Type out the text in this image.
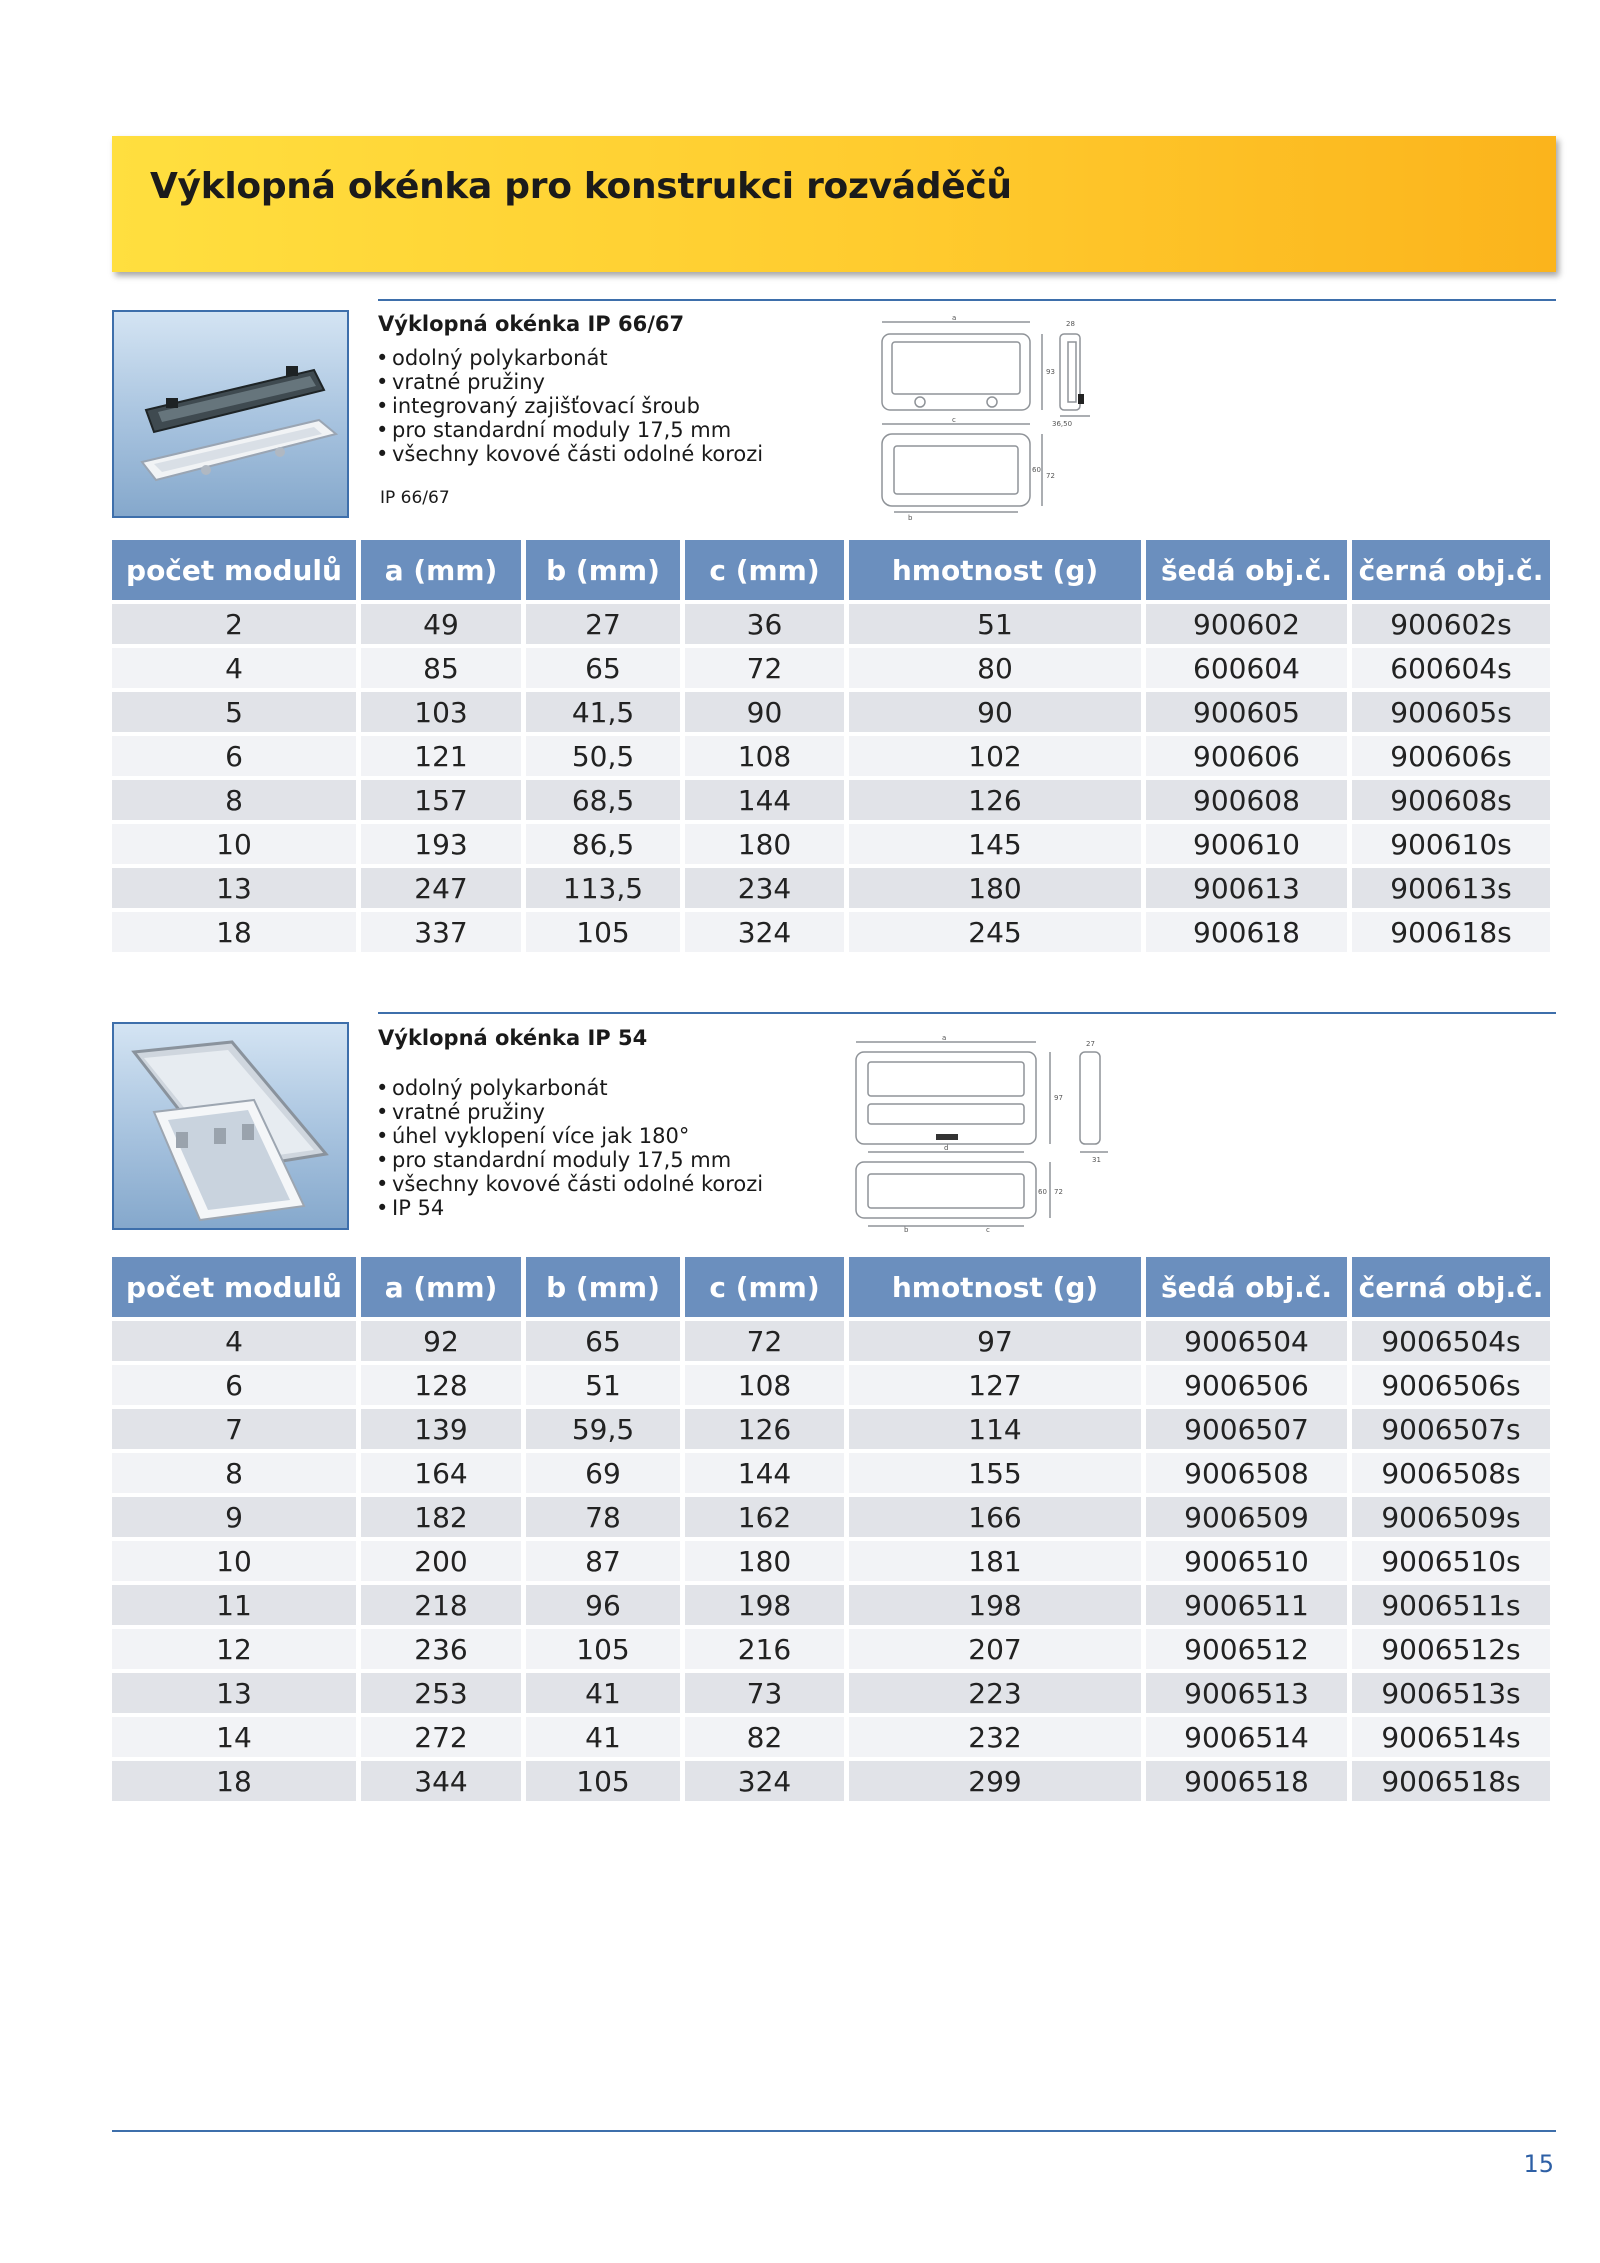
Výklopná okénka pro konstrukci rozváděčů

Výklopná okénka IP 66/67

• odolný polykarbonát
• vratné pružiny
• integrovaný zajišťovací šroub
• pro standardní moduly 17,5 mm
• všechny kovové části odolné korozi
IP 66/67
a
28
93
36,50
c
60
72
b
počet modulů	a (mm)	b (mm)	c (mm)	hmotnost (g)	šedá obj.č.	černá obj.č.
2	49	27	36	51	900602	900602s
4	85	65	72	80	600604	600604s
5	103	41,5	90	90	900605	900605s
6	121	50,5	108	102	900606	900606s
8	157	68,5	144	126	900608	900608s
10	193	86,5	180	145	900610	900610s
13	247	113,5	234	180	900613	900613s
18	337	105	324	245	900618	900618s

Výklopná okénka IP 54

• odolný polykarbonát
• vratné pružiny
• úhel vyklopení více jak 180°
• pro standardní moduly 17,5 mm
• všechny kovové části odolné korozi
• IP 54
a
27
97
31
d
60 72
b	c
počet modulů	a (mm)	b (mm)	c (mm)	hmotnost (g)	šedá obj.č.	černá obj.č.
4	92	65	72	97	9006504	9006504s
6	128	51	108	127	9006506	9006506s
7	139	59,5	126	114	9006507	9006507s
8	164	69	144	155	9006508	9006508s
9	182	78	162	166	9006509	9006509s
10	200	87	180	181	9006510	9006510s
11	218	96	198	198	9006511	9006511s
12	236	105	216	207	9006512	9006512s
13	253	41	73	223	9006513	9006513s
14	272	41	82	232	9006514	9006514s
18	344	105	324	299	9006518	9006518s
15
